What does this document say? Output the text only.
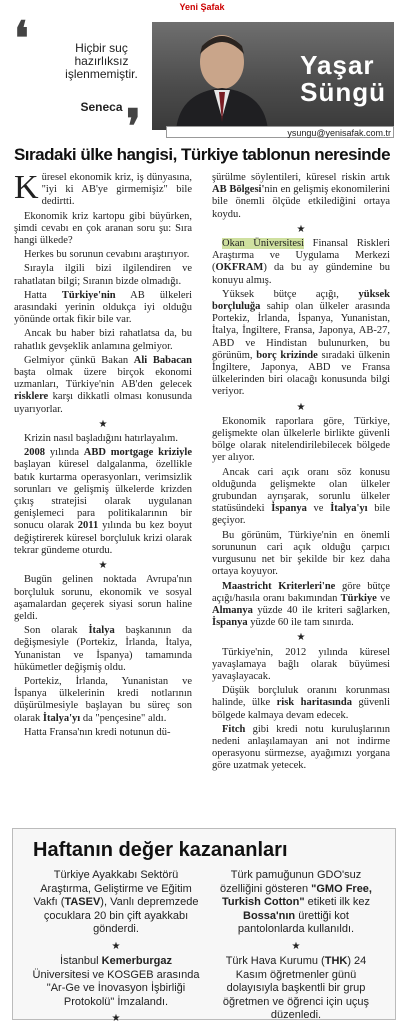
Yeni Şafak
❛	Hiçbir suç hazırlıksız işlenmemiştir.
Seneca ❜
Yaşar
Süngü
ysungu@yenisafak.com.tr
Sıradaki ülke hangisi, Türkiye tablonun neresinde

Küresel ekonomik kriz, iş dünyasına, "iyi ki AB'ye girmemişiz" bile dedirtti.

Ekonomik kriz kartopu gibi büyürken, şimdi cevabı en çok aranan soru şu: Sıra hangi ülkede?

Herkes bu sorunun cevabını araştırıyor.

Sırayla ilgili bizi ilgilendiren ve rahatlatan bilgi; Sıranın bizde olmadığı.

Hatta Türkiye'nin AB ülkeleri arasındaki yerinin oldukça iyi olduğu yönünde ortak fikir bile var.

Ancak bu haber bizi rahatlatsa da, bu rahatlık gevşeklik anlamına gelmiyor.

Gelmiyor çünkü Bakan Ali Babacan başta olmak üzere birçok ekonomi uzmanları, Türkiye'nin AB'den gelecek risklere karşı dikkatli olması konusunda uyarıyorlar.

★

Krizin nasıl başladığını hatırlayalım.

2008 yılında ABD mortgage kriziyle başlayan küresel dalgalanma, özellikle batık kurtarma operasyonları, verimsizlik sorunları ve gelişmiş ülkelerde krizden çıkış stratejisi olarak uygulanan genişlemeci para politikalarının bir sonucu olarak 2011 yılında bu kez boyut değiştirerek küresel borçluluk krizi olarak tekrar gündeme oturdu.

★

Bugün gelinen noktada Avrupa'nın borçluluk sorunu, ekonomik ve sosyal aşamalardan geçerek siyasi sorun haline geldi.

Son olarak İtalya başkanının da değişmesiyle (Portekiz, İrlanda, İtalya, Yunanistan ve İspanya) tamamında hükümetler değişmiş oldu.

Portekiz, İrlanda, Yunanistan ve İspanya ülkelerinin kredi notlarının düşürülmesiyle başlayan bu süreç son olarak İtalya'yı da "pençesine" aldı.

Hatta Fransa'nın kredi notunun dü-

şürülme söylentileri, küresel riskin artık AB Bölgesi'nin en gelişmiş ekonomilerini bile önemli ölçüde etkilediğini ortaya koydu.

★

Okan Üniversitesi Finansal Riskleri Araştırma ve Uygulama Merkezi (OKFRAM) da bu ay gündemine bu konuyu almış.

Yüksek bütçe açığı, yüksek borçluluğa sahip olan ülkeler arasında Portekiz, İrlanda, İspanya, Yunanistan, İtalya, İngiltere, Fransa, Japonya, AB-27, ABD ve Hindistan bulunurken, bu görünüm, borç krizinde sıradaki ülkenin İngiltere, Japonya, ABD ve Fransa ülkelerinden biri olacağı konusunda bilgi veriyor.

★

Ekonomik raporlara göre, Türkiye, gelişmekte olan ülkelerle birlikte güvenli bölge olarak nitelendirilebilecek bölgede yer alıyor.

Ancak cari açık oranı söz konusu olduğunda gelişmekte olan ülkeler grubundan ayrışarak, sorunlu ülkeler statüsündeki İspanya ve İtalya'yı bile geçiyor.

Bu görünüm, Türkiye'nin en önemli sorununun cari açık olduğu çarpıcı vurgusunu net bir şekilde bir kez daha ortaya koyuyor.

Maastricht Kriterleri'ne göre bütçe açığı/hasıla oranı bakımından Türkiye ve Almanya yüzde 40 ile kriteri sağlarken, İspanya yüzde 60 ile tam sınırda.

★

Türkiye'nin, 2012 yılında küresel yavaşlamaya bağlı olarak büyümesi yavaşlayacak.

Düşük borçluluk oranını korunması halinde, ülke risk haritasında güvenli bölgede kalmaya devam edecek.

Fitch gibi kredi notu kuruluşlarının nedeni anlaşılamayan ani not indirme operasyonu sürmezse, ayağımızı yorgana göre uzatmak yetecek.

Haftanın değer kazananları

Türkiye Ayakkabı Sektörü Araştırma, Geliştirme ve Eğitim Vakfı (TASEV), Vanlı depremzede çocuklara 20 bin çift ayakkabı gönderdi.

★

İstanbul Kemerburgaz Üniversitesi ve KOSGEB arasında "Ar-Ge ve İnovasyon İşbirliği Protokolü" İmzalandı.

★

Türk pamuğunun GDO'suz özelliğini gösteren "GMO Free, Turkish Cotton" etiketi ilk kez Bossa'nın ürettiği kot pantolonlarda kullanıldı.

★

Türk Hava Kurumu (THK) 24 Kasım öğretmenler günü dolayısıyla başkentli bir grup öğretmen ve öğrenci için uçuş düzenledi.
